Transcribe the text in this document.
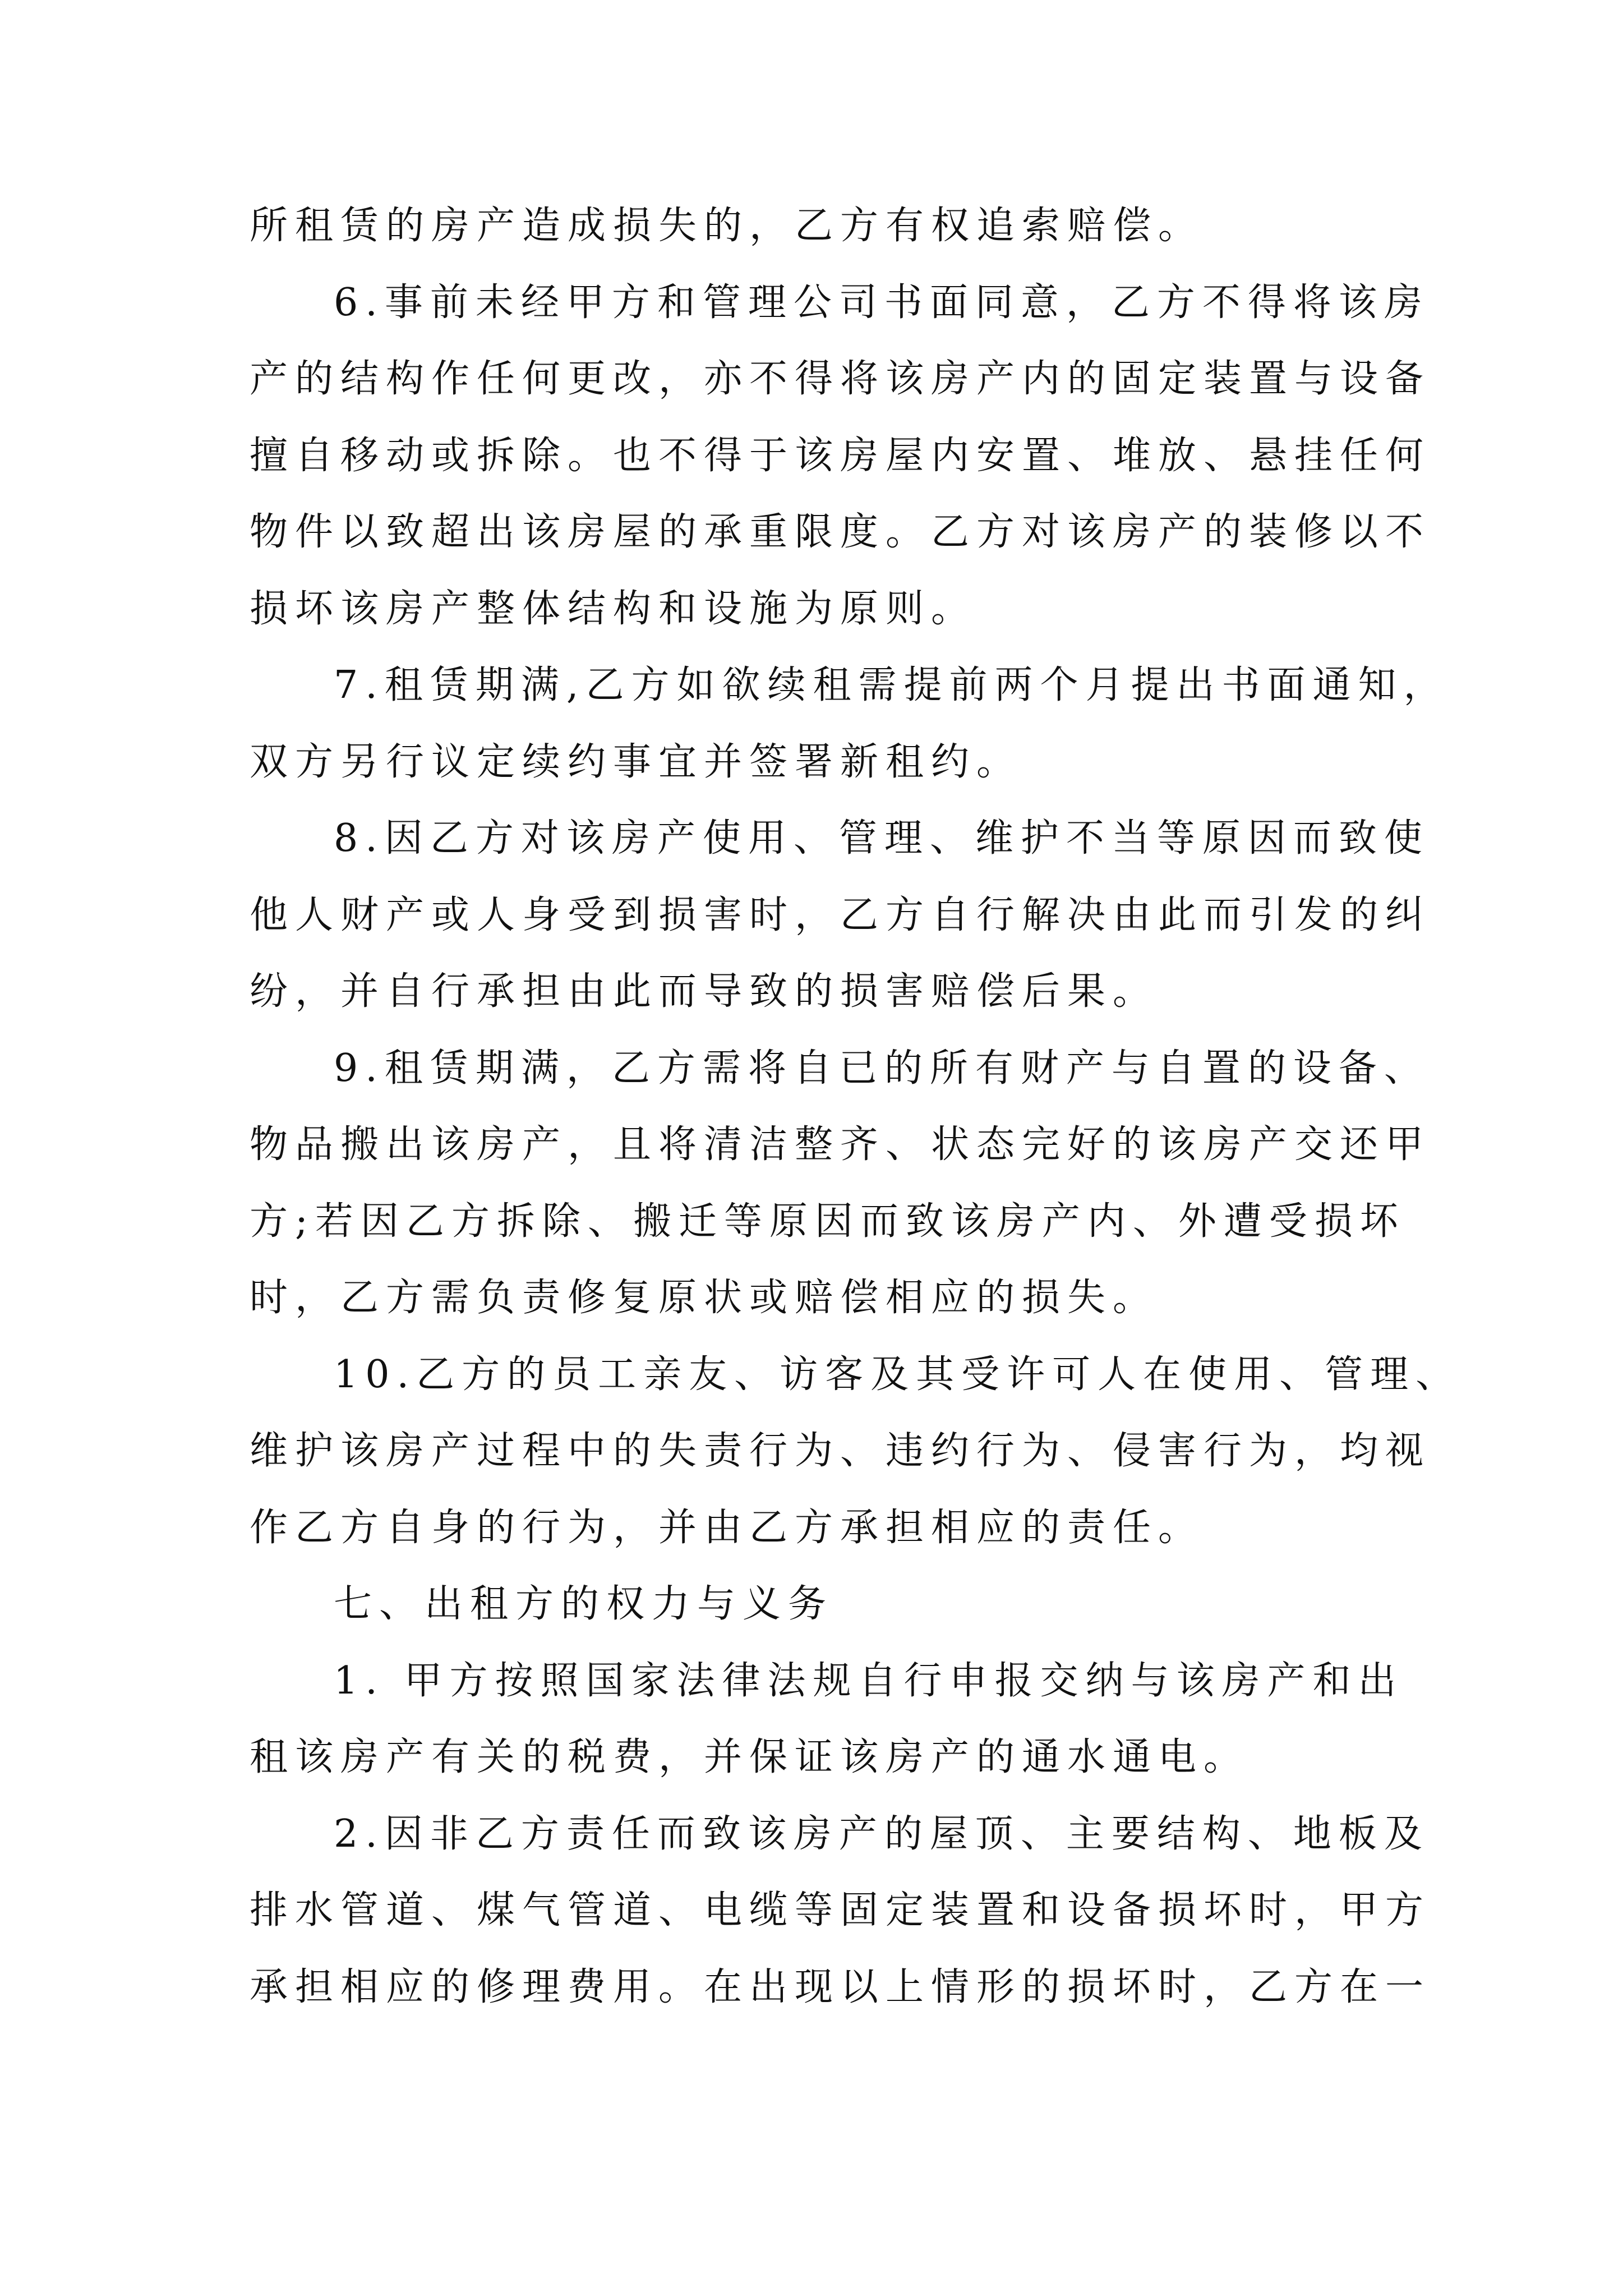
所租赁的房产造成损失的，乙方有权追索赔偿。
6.事前未经甲方和管理公司书面同意，乙方不得将该房
产的结构作任何更改，亦不得将该房产内的固定装置与设备
擅自移动或拆除。也不得于该房屋内安置、堆放、悬挂任何
物件以致超出该房屋的承重限度。乙方对该房产的装修以不
损坏该房产整体结构和设施为原则。
7.租赁期满,乙方如欲续租需提前两个月提出书面通知，
双方另行议定续约事宜并签署新租约。
8.因乙方对该房产使用、管理、维护不当等原因而致使
他人财产或人身受到损害时，乙方自行解决由此而引发的纠
纷，并自行承担由此而导致的损害赔偿后果。
9.租赁期满，乙方需将自已的所有财产与自置的设备、
物品搬出该房产，且将清洁整齐、状态完好的该房产交还甲
方;若因乙方拆除、搬迁等原因而致该房产内、外遭受损坏
时，乙方需负责修复原状或赔偿相应的损失。
10.乙方的员工亲友、访客及其受许可人在使用、管理、
维护该房产过程中的失责行为、违约行为、侵害行为，均视
作乙方自身的行为，并由乙方承担相应的责任。
七、出租方的权力与义务
1. 甲方按照国家法律法规自行申报交纳与该房产和出
租该房产有关的税费，并保证该房产的通水通电。
2.因非乙方责任而致该房产的屋顶、主要结构、地板及
排水管道、煤气管道、电缆等固定装置和设备损坏时，甲方
承担相应的修理费用。在出现以上情形的损坏时，乙方在一
